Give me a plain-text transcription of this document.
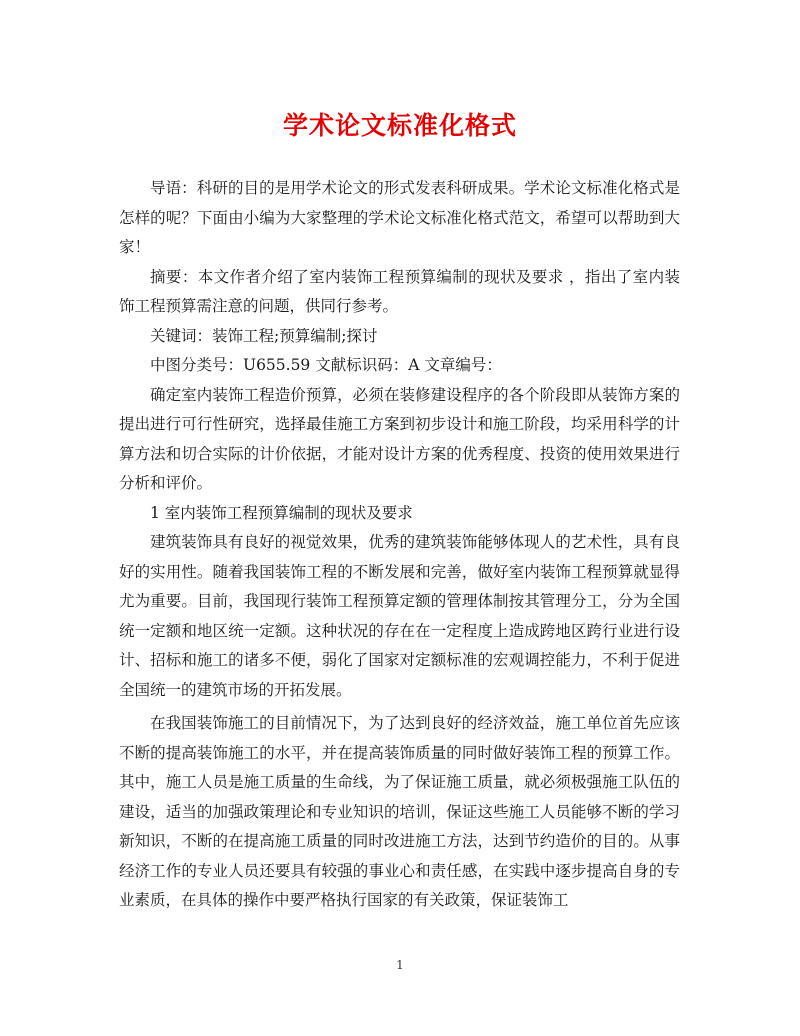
学术论文标准化格式

导语：科研的目的是用学术论文的形式发表科研成果。学术论文标准化格式是怎样的呢？下面由小编为大家整理的学术论文标准化格式范文，希望可以帮助到大家！

摘要：本文作者介绍了室内装饰工程预算编制的现状及要求 ，指出了室内装饰工程预算需注意的问题，供同行参考。

关键词：装饰工程;预算编制;探讨

中图分类号：U655.59 文献标识码：A 文章编号：

确定室内装饰工程造价预算，必须在装修建设程序的各个阶段即从装饰方案的提出进行可行性研究，选择最佳施工方案到初步设计和施工阶段，均采用科学的计算方法和切合实际的计价依据，才能对设计方案的优秀程度、投资的使用效果进行分析和评价。

1 室内装饰工程预算编制的现状及要求

建筑装饰具有良好的视觉效果，优秀的建筑装饰能够体现人的艺术性，具有良好的实用性。随着我国装饰工程的不断发展和完善，做好室内装饰工程预算就显得尤为重要。目前，我国现行装饰工程预算定额的管理体制按其管理分工，分为全国统一定额和地区统一定额。这种状况的存在在一定程度上造成跨地区跨行业进行设计、招标和施工的诸多不便，弱化了国家对定额标准的宏观调控能力，不利于促进全国统一的建筑市场的开拓发展。

在我国装饰施工的目前情况下，为了达到良好的经济效益，施工单位首先应该不断的提高装饰施工的水平，并在提高装饰质量的同时做好装饰工程的预算工作。其中，施工人员是施工质量的生命线，为了保证施工质量，就必须极强施工队伍的建设，适当的加强政策理论和专业知识的培训，保证这些施工人员能够不断的学习新知识，不断的在提高施工质量的同时改进施工方法，达到节约造价的目的。从事经济工作的专业人员还要具有较强的事业心和责任感，在实践中逐步提高自身的专业素质，在具体的操作中要严格执行国家的有关政策，保证装饰工

1
